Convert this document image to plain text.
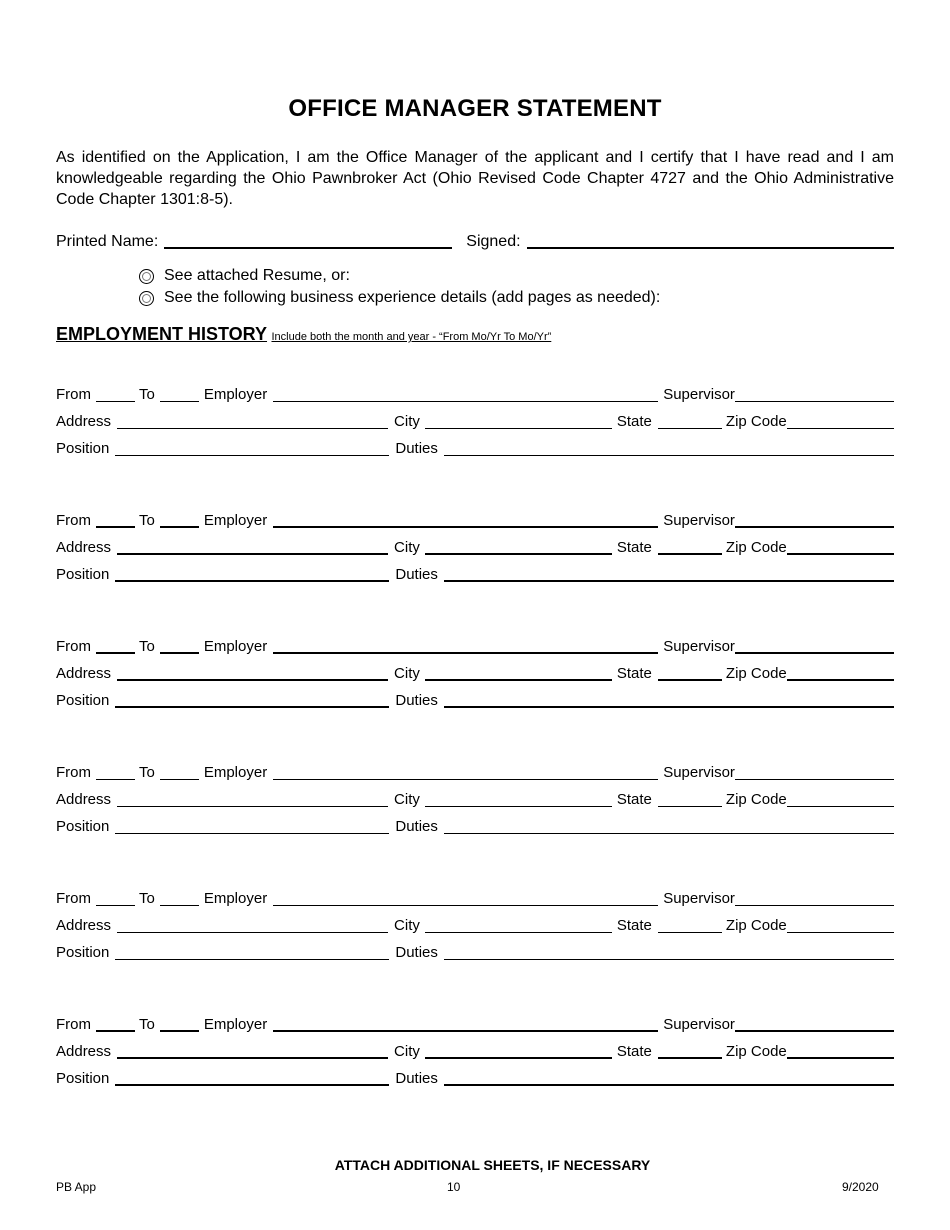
OFFICE MANAGER STATEMENT
As identified on the Application, I am the Office Manager of the applicant and I certify that I have read and I am knowledgeable regarding the Ohio Pawnbroker Act (Ohio Revised Code Chapter 4727 and the Ohio Administrative Code Chapter 1301:8-5).
Printed Name:	Signed:
See attached Resume, or:
See the following business experience details (add pages as needed):
EMPLOYMENT HISTORY Include both the month and year - “From Mo/Yr To Mo/Yr”
From	To	Employer	Supervisor
Address	City	State	Zip Code
Position	Duties
From	To	Employer	Supervisor
Address	City	State	Zip Code
Position	Duties
From	To	Employer	Supervisor
Address	City	State	Zip Code
Position	Duties
From	To	Employer	Supervisor
Address	City	State	Zip Code
Position	Duties
From	To	Employer	Supervisor
Address	City	State	Zip Code
Position	Duties
From	To	Employer	Supervisor
Address	City	State	Zip Code
Position	Duties
ATTACH ADDITIONAL SHEETS, IF NECESSARY
PB App	10	9/2020
